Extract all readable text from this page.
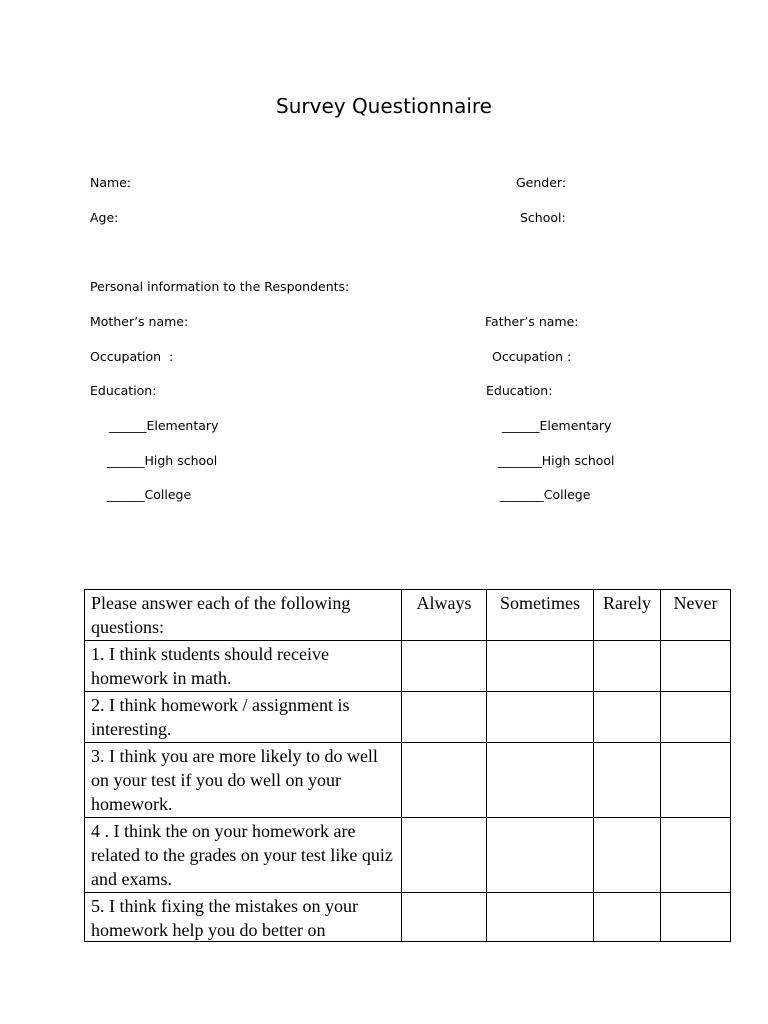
Survey Questionnaire
Name:	Gender:
Age:	School:
Personal information to the Respondents:
Mother’s name:
Occupation  :
Education:
______Elementary
______High school
______College
Father’s name:
Occupation :
Education:
______Elementary
_______High school
_______College
Please answer each of the following questions:	Always	Sometimes	Rarely	Never
1. I think students should receive homework in math.				
2. I think homework / assignment is interesting.				
3. I think you are more likely to do well on your test if you do well on your homework.				
4 . I think the on your homework are related to the grades on your test like quiz and exams.				

5. I think fixing the mistakes on your homework help you do better on				
